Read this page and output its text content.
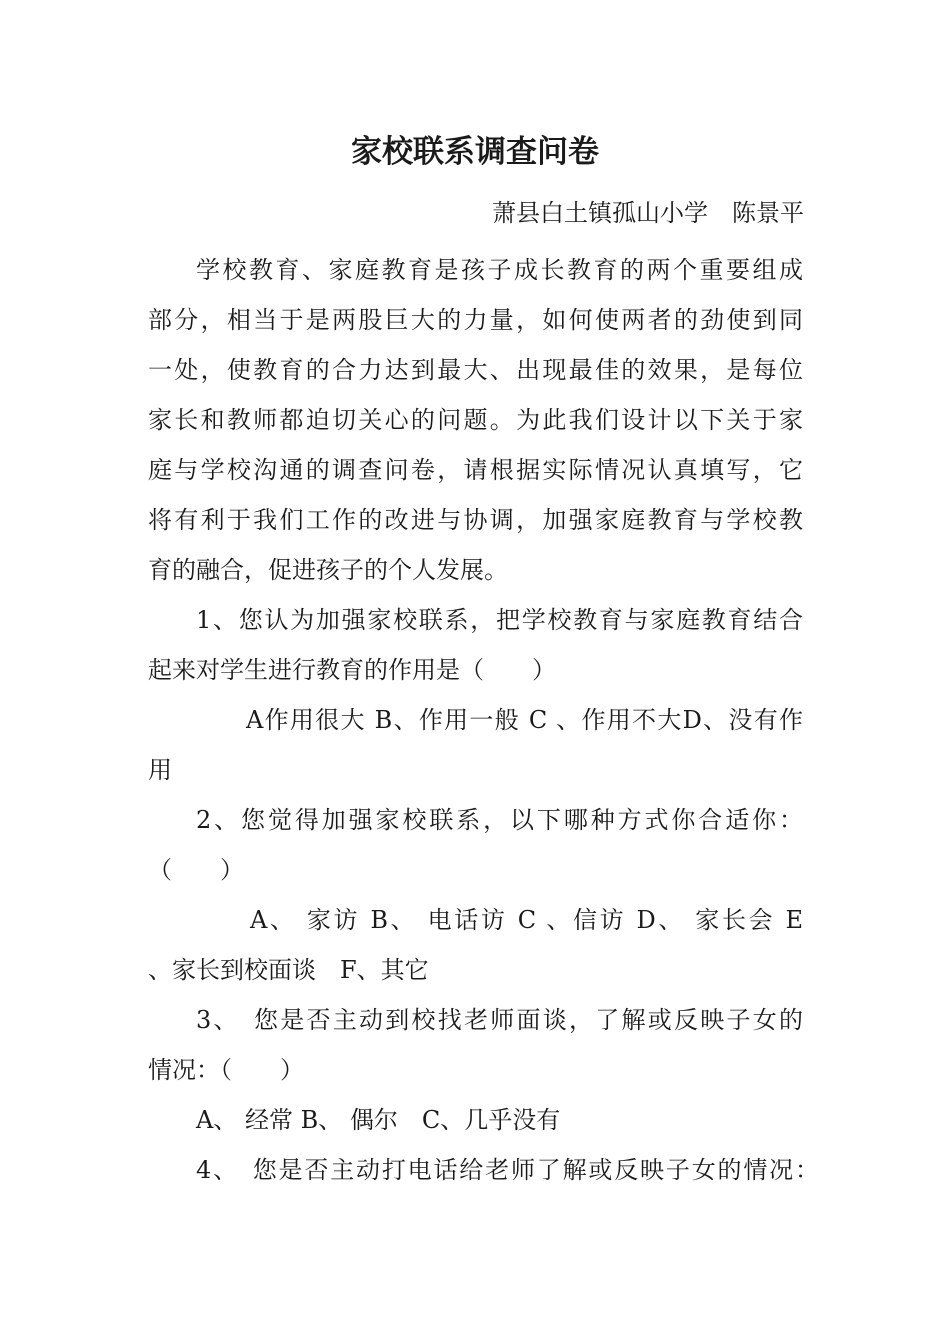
家校联系调查问卷

萧县白土镇孤山小学　陈景平

学校教育、家庭教育是孩子成长教育的两个重要组成

部分，相当于是两股巨大的力量，如何使两者的劲使到同

一处，使教育的合力达到最大、出现最佳的效果，是每位

家长和教师都迫切关心的问题。为此我们设计以下关于家

庭与学校沟通的调查问卷，请根据实际情况认真填写，它

将有利于我们工作的改进与协调，加强家庭教育与学校教

育的融合，促进孩子的个人发展。

1、您认为加强家校联系，把学校教育与家庭教育结合

起来对学生进行教育的作用是（　　）

A作用很大 B、作用一般 C 、作用不大D、没有作

用

2、您觉得加强家校联系，以下哪种方式你合适你：

（　　）

A、 家访 B、 电话访 C 、信访 D、 家长会 E

、家长到校面谈　F、其它

3、　您是否主动到校找老师面谈，了解或反映子女的

情况：（　　）

A、 经常 B、 偶尔　C、几乎没有

4、　您是否主动打电话给老师了解或反映子女的情况：
